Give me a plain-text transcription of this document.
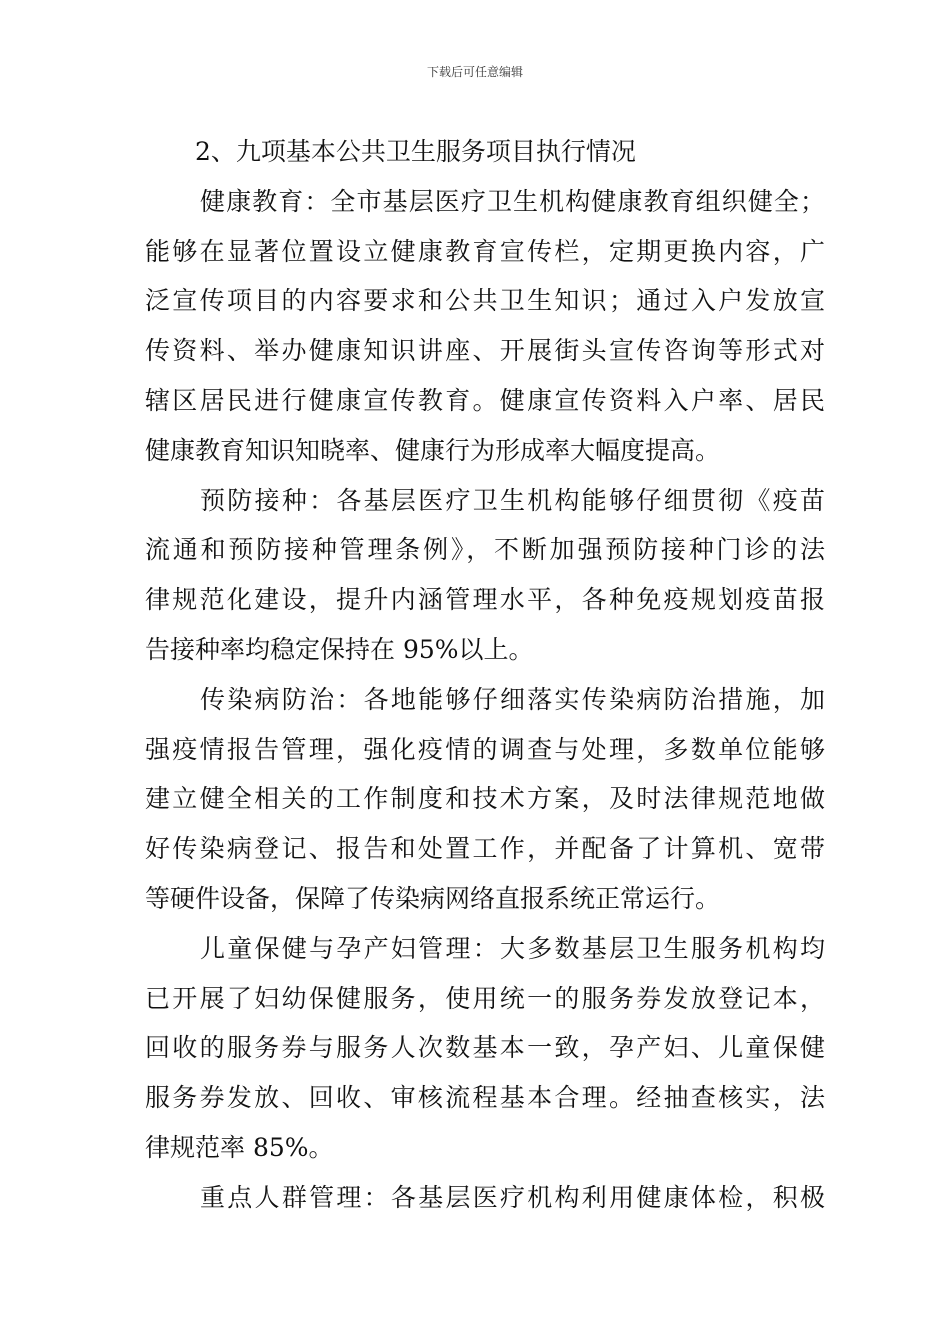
下载后可任意编辑
2、九项基本公共卫生服务项目执行情况

健康教育：全市基层医疗卫生机构健康教育组织健全；
能够在显著位置设立健康教育宣传栏，定期更换内容，广
泛宣传项目的内容要求和公共卫生知识；通过入户发放宣
传资料、举办健康知识讲座、开展街头宣传咨询等形式对
辖区居民进行健康宣传教育。健康宣传资料入户率、居民
健康教育知识知晓率、健康行为形成率大幅度提高。

预防接种：各基层医疗卫生机构能够仔细贯彻《疫苗
流通和预防接种管理条例》，不断加强预防接种门诊的法
律规范化建设，提升内涵管理水平，各种免疫规划疫苗报
告接种率均稳定保持在 95%以上。

传染病防治：各地能够仔细落实传染病防治措施，加
强疫情报告管理，强化疫情的调查与处理，多数单位能够
建立健全相关的工作制度和技术方案，及时法律规范地做
好传染病登记、报告和处置工作，并配备了计算机、宽带
等硬件设备，保障了传染病网络直报系统正常运行。

儿童保健与孕产妇管理：大多数基层卫生服务机构均
已开展了妇幼保健服务，使用统一的服务券发放登记本，
回收的服务券与服务人次数基本一致，孕产妇、儿童保健
服务券发放、回收、审核流程基本合理。经抽查核实，法
律规范率 85%。

重点人群管理：各基层医疗机构利用健康体检，积极
